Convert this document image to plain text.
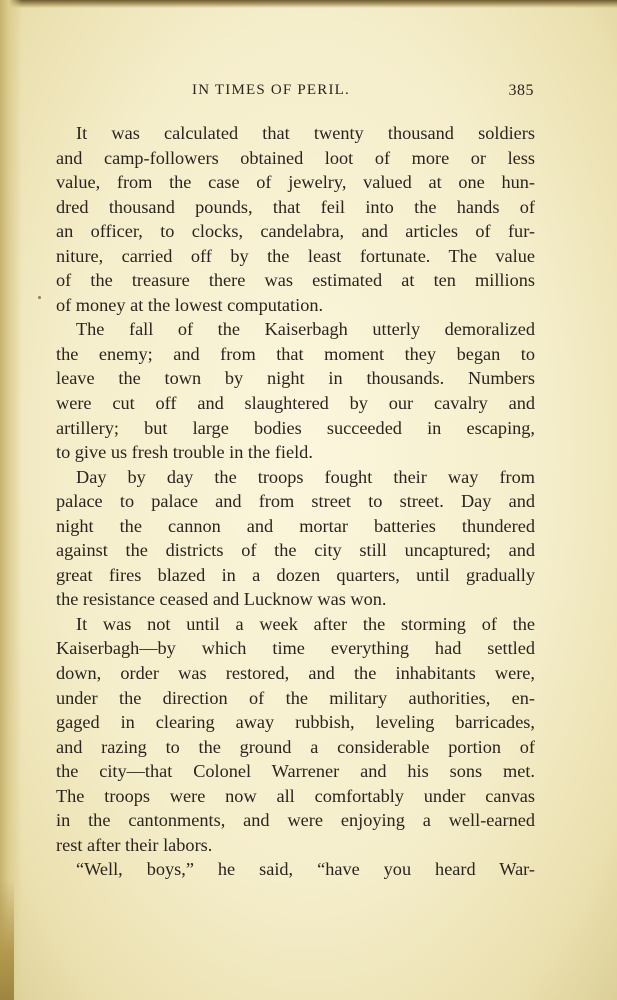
IN TIMES OF PERIL.	385
It was calculated that twenty thousand soldiers
and camp-followers obtained loot of more or less
value, from the case of jewelry, valued at one hun-
dred thousand pounds, that feil into the hands of
an officer, to clocks, candelabra, and articles of fur-
niture, carried off by the least fortunate. The value
of the treasure there was estimated at ten millions
of money at the lowest computation.
The fall of the Kaiserbagh utterly demoralized
the enemy; and from that moment they began to
leave the town by night in thousands. Numbers
were cut off and slaughtered by our cavalry and
artillery; but large bodies succeeded in escaping,
to give us fresh trouble in the field.
Day by day the troops fought their way from
palace to palace and from street to street. Day and
night the cannon and mortar batteries thundered
against the districts of the city still uncaptured; and
great fires blazed in a dozen quarters, until gradually
the resistance ceased and Lucknow was won.
It was not until a week after the storming of the
Kaiserbagh—by which time everything had settled
down, order was restored, and the inhabitants were,
under the direction of the military authorities, en-
gaged in clearing away rubbish, leveling barricades,
and razing to the ground a considerable portion of
the city—that Colonel Warrener and his sons met.
The troops were now all comfortably under canvas
in the cantonments, and were enjoying a well-earned
rest after their labors.
“Well, boys,” he said, “have you heard War-
